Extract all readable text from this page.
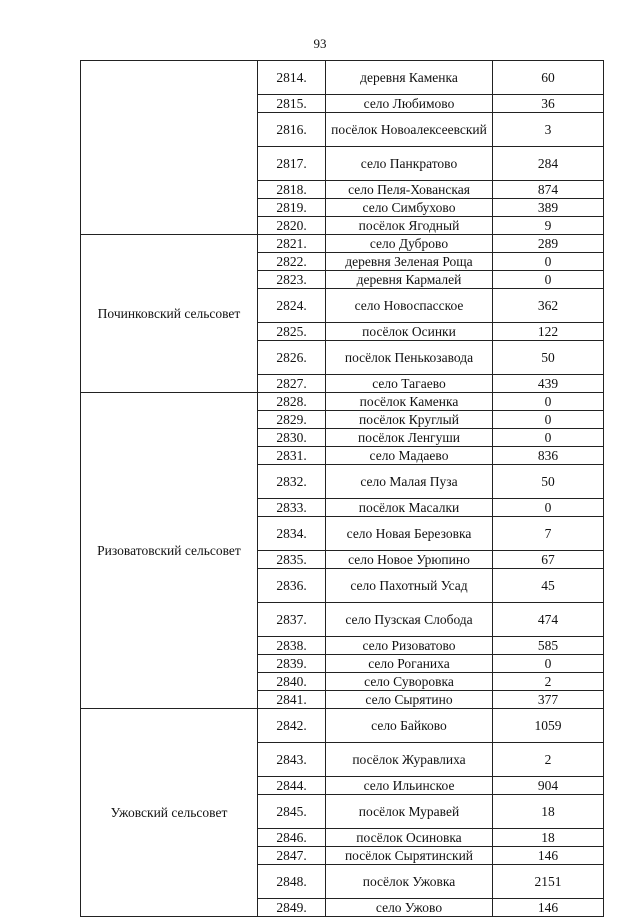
93
	2814.	деревня Каменка	60
	2815.	село Любимово	36
	2816.	посёлок Новоалексеевский	3
	2817.	село Панкратово	284
	2818.	село Пеля-Хованская	874
	2819.	село Симбухово	389
	2820.	посёлок Ягодный	9
Починковский сельсовет	2821.	село Дуброво	289
	2822.	деревня Зеленая Роща	0
	2823.	деревня Кармалей	0
	2824.	село Новоспасское	362
	2825.	посёлок Осинки	122
	2826.	посёлок Пенькозавода	50
	2827.	село Тагаево	439
Ризоватовский сельсовет	2828.	посёлок Каменка	0
	2829.	посёлок Круглый	0
	2830.	посёлок Ленгуши	0
	2831.	село Мадаево	836
	2832.	село Малая Пуза	50
	2833.	посёлок Масалки	0
	2834.	село Новая Березовка	7
	2835.	село Новое Урюпино	67
	2836.	село Пахотный Усад	45
	2837.	село Пузская Слобода	474
	2838.	село Ризоватово	585
	2839.	село Роганиха	0
	2840.	село Суворовка	2
	2841.	село Сырятино	377
Ужовский сельсовет	2842.	село Байково	1059
	2843.	посёлок Журавлиха	2
	2844.	село Ильинское	904
	2845.	посёлок Муравей	18
	2846.	посёлок Осиновка	18
	2847.	посёлок Сырятинский	146
	2848.	посёлок Ужовка	2151
	2849.	село Ужово	146
